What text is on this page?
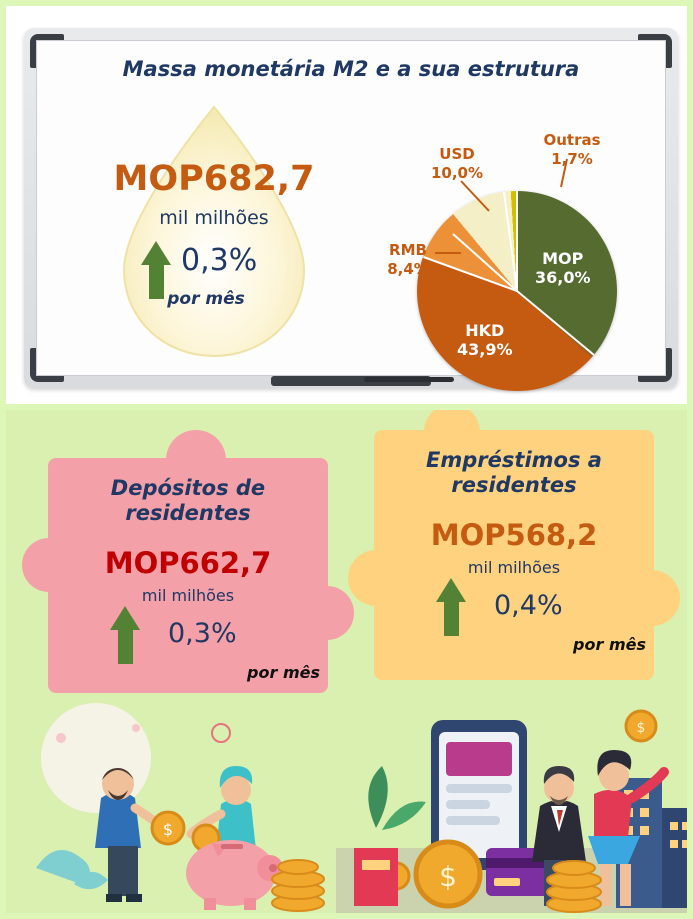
Massa monetária M2 e a sua estrutura
MOP682,7
mil milhões
0,3%
por mês
MOP
36,0%
HKD
43,9%
USD
10,0%
Outras
1,7%
RMB
8,4%
Depósitos de residentes
MOP662,7
mil milhões
0,3%
por mês
Empréstimos a residentes
MOP568,2
mil milhões
0,4%
por mês
$
$
$
